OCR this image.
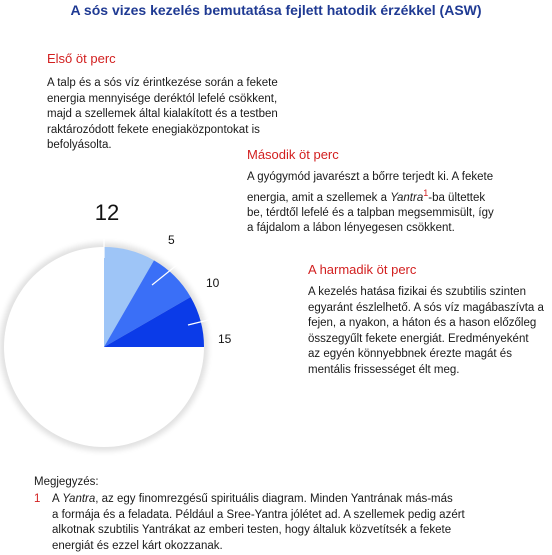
A sós vizes kezelés bemutatása fejlett hatodik érzékkel (ASW)
12
5
10
15
Első öt perc
A talp és a sós víz érintkezése során a fekete
energia mennyisége deréktól lefelé csökkent,
majd a szellemek által kialakított és a testben
raktározódott fekete enegiaközpontokat is
befolyásolta.
Második öt perc
A gyógymód javarészt a bőrre terjedt ki. A fekete
energia, amit a szellemek a Yantra$^1$-ba ültettek
be, térdtől lefelé és a talpban megsemmisült, így
a fájdalom a lábon lényegesen csökkent.
A harmadik öt perc
A kezelés hatása fizikai és szubtilis szinten
egyaránt észlelhető. A sós víz magábaszívta a
fejen, a nyakon, a háton és a hason előzőleg
összegyűlt fekete energiát. Eredményeként
az egyén könnyebbnek érezte magát és
mentális frissességet élt meg.
Megjegyzés:
1 A Yantra, az egy finomrezgésű spirituális diagram. Minden Yantrának más-más
a formája és a feladata. Például a Sree-Yantra jólétet ad. A szellemek pedig azért
alkotnak szubtilis Yantrákat az emberi testen, hogy általuk közvetítsék a fekete
energiát és ezzel kárt okozzanak.
